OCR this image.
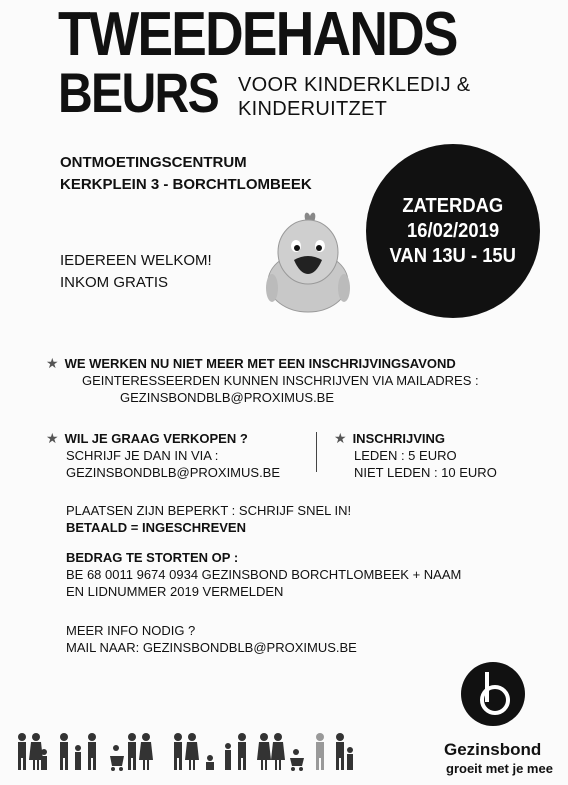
TWEEDEHANDS
BEURS VOOR KINDERKLEDIJ &
KINDERUITZET
ONTMOETINGSCENTRUM
KERKPLEIN 3 - BORCHTLOMBEEK
IEDEREEN WELKOM!
INKOM GRATIS
ZATERDAG
16/02/2019
VAN 13U - 15U
★ WE WERKEN NU NIET MEER MET EEN INSCHRIJVINGSAVOND
GEINTERESSEERDEN KUNNEN INSCHRIJVEN VIA MAILADRES :
GEZINSBONDBLB@PROXIMUS.BE
★ WIL JE GRAAG VERKOPEN ?
SCHRIJF JE DAN IN VIA :
GEZINSBONDBLB@PROXIMUS.BE
★ INSCHRIJVING
LEDEN : 5 EURO
NIET LEDEN : 10 EURO
PLAATSEN ZIJN BEPERKT : SCHRIJF SNEL IN!
BETAALD = INGESCHREVEN
BEDRAG TE STORTEN OP :
BE 68 0011 9674 0934 GEZINSBOND BORCHTLOMBEEK + NAAM
EN LIDNUMMER 2019 VERMELDEN
MEER INFO NODIG ?
MAIL NAAR: GEZINSBONDBLB@PROXIMUS.BE
Gezinsbond
groeit met je mee
